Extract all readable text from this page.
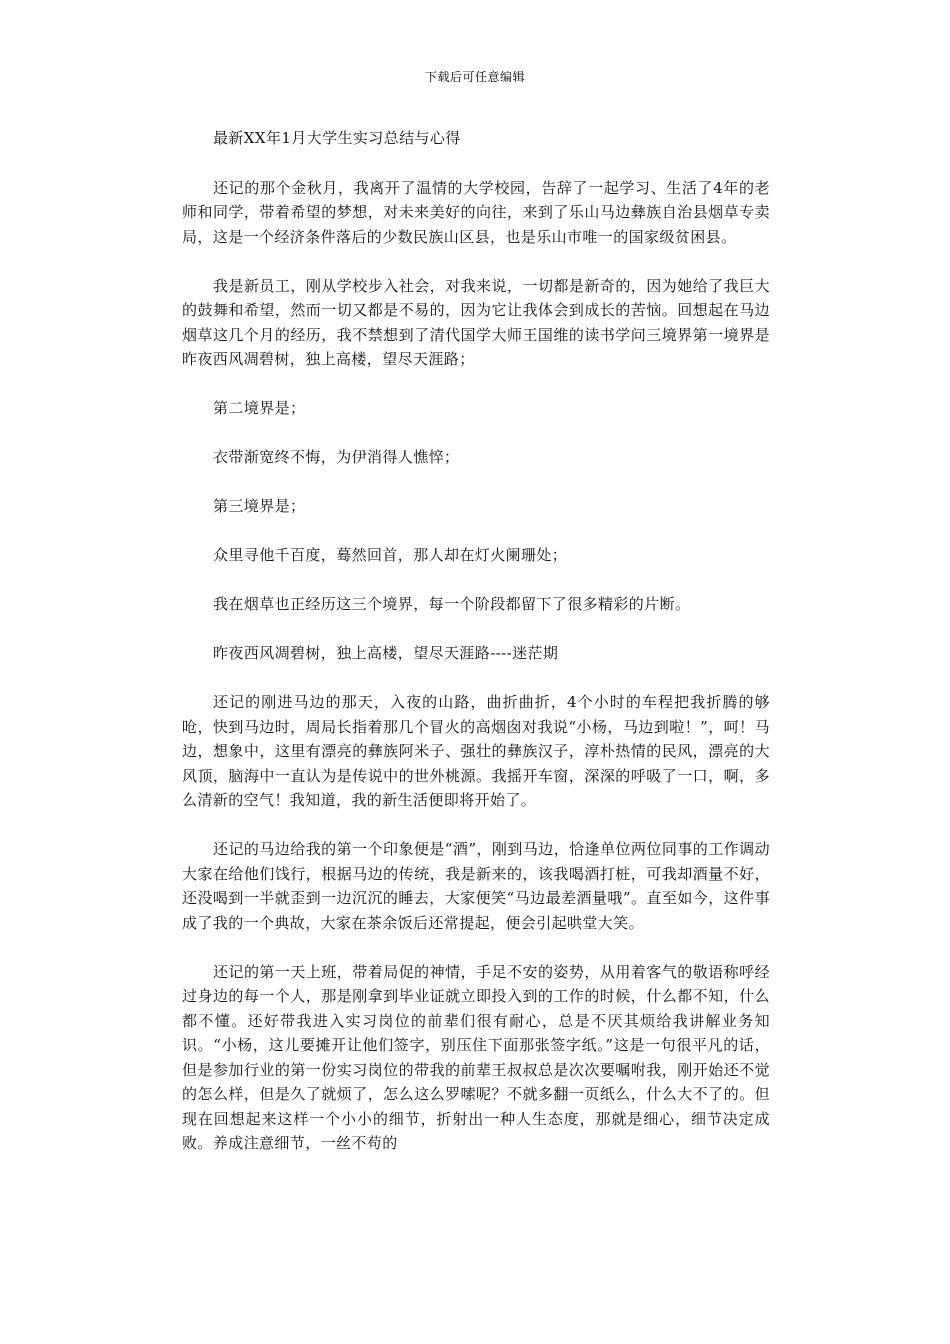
下载后可任意编辑

最新XX年1月大学生实习总结与心得

还记的那个金秋月，我离开了温情的大学校园，告辞了一起学习、生活了4年的老师和同学，带着希望的梦想，对未来美好的向往，来到了乐山马边彝族自治县烟草专卖局，这是一个经济条件落后的少数民族山区县，也是乐山市唯一的国家级贫困县。

我是新员工，刚从学校步入社会，对我来说，一切都是新奇的，因为她给了我巨大的鼓舞和希望，然而一切又都是不易的，因为它让我体会到成长的苦恼。回想起在马边烟草这几个月的经历，我不禁想到了清代国学大师王国维的读书学问三境界第一境界是昨夜西风凋碧树，独上高楼，望尽天涯路；

第二境界是；

衣带渐宽终不悔，为伊消得人憔悴；

第三境界是；

众里寻他千百度，蓦然回首，那人却在灯火阑珊处；

我在烟草也正经历这三个境界，每一个阶段都留下了很多精彩的片断。

昨夜西风凋碧树，独上高楼，望尽天涯路----迷茫期

还记的刚进马边的那天，入夜的山路，曲折曲折，4个小时的车程把我折腾的够呛，快到马边时，周局长指着那几个冒火的高烟囱对我说“小杨，马边到啦！”，呵！马边，想象中，这里有漂亮的彝族阿米子、强壮的彝族汉子，淳朴热情的民风，漂亮的大风顶，脑海中一直认为是传说中的世外桃源。我摇开车窗，深深的呼吸了一口，啊，多么清新的空气！我知道，我的新生活便即将开始了。

还记的马边给我的第一个印象便是“酒”，刚到马边，恰逢单位两位同事的工作调动大家在给他们饯行，根据马边的传统，我是新来的，该我喝酒打桩，可我却酒量不好，还没喝到一半就歪到一边沉沉的睡去，大家便笑“马边最差酒量哦”。直至如今，这件事成了我的一个典故，大家在茶余饭后还常提起，便会引起哄堂大笑。

还记的第一天上班，带着局促的神情，手足不安的姿势，从用着客气的敬语称呼经过身边的每一个人，那是刚拿到毕业证就立即投入到的工作的时候，什么都不知，什么都不懂。还好带我进入实习岗位的前辈们很有耐心，总是不厌其烦给我讲解业务知识。“小杨，这儿要摊开让他们签字，别压住下面那张签字纸。”这是一句很平凡的话，但是参加行业的第一份实习岗位的带我的前辈王叔叔总是次次要嘱咐我，刚开始还不觉的怎么样，但是久了就烦了，怎么这么罗嗦呢？不就多翻一页纸么，什么大不了的。但现在回想起来这样一个小小的细节，折射出一种人生态度，那就是细心，细节决定成败。养成注意细节，一丝不苟的
